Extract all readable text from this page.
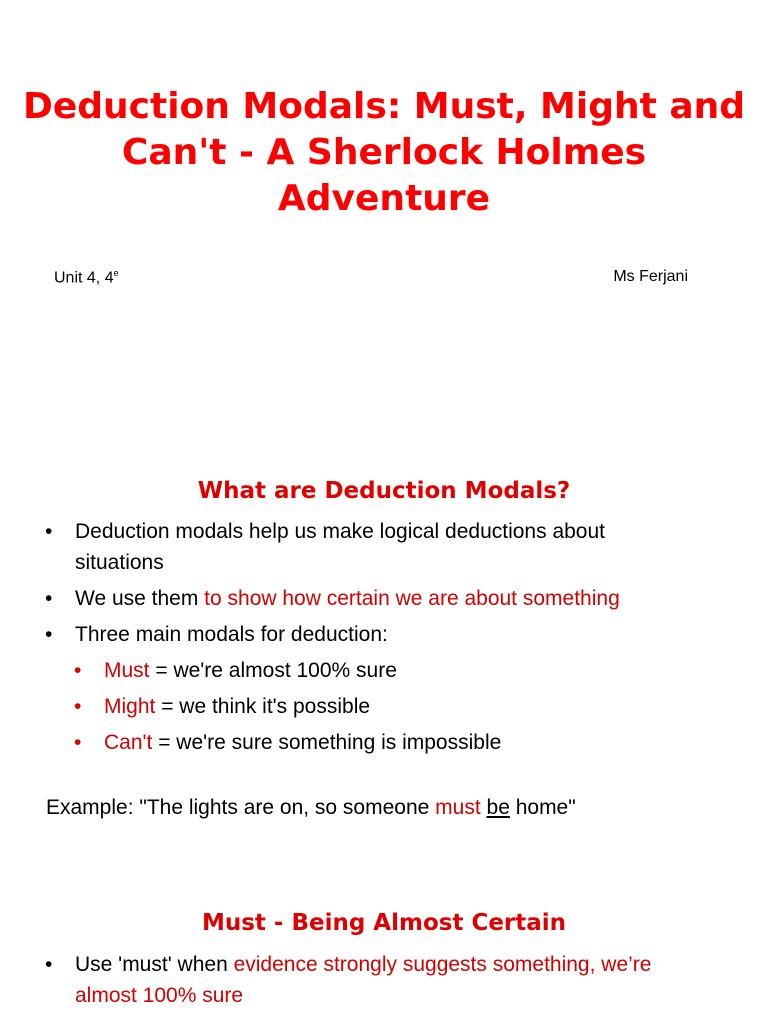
Deduction Modals: Must, Might and Can't - A Sherlock Holmes Adventure
Unit 4, 4e	Ms Ferjani
What are Deduction Modals?
• Deduction modals help us make logical deductions about situations
• We use them to show how certain we are about something
• Three main modals for deduction:
• Must = we're almost 100% sure
• Might = we think it's possible
• Can't = we're sure something is impossible
Example: "The lights are on, so someone must be home"
Must - Being Almost Certain
• Use 'must' when evidence strongly suggests something, we’re almost 100% sure
